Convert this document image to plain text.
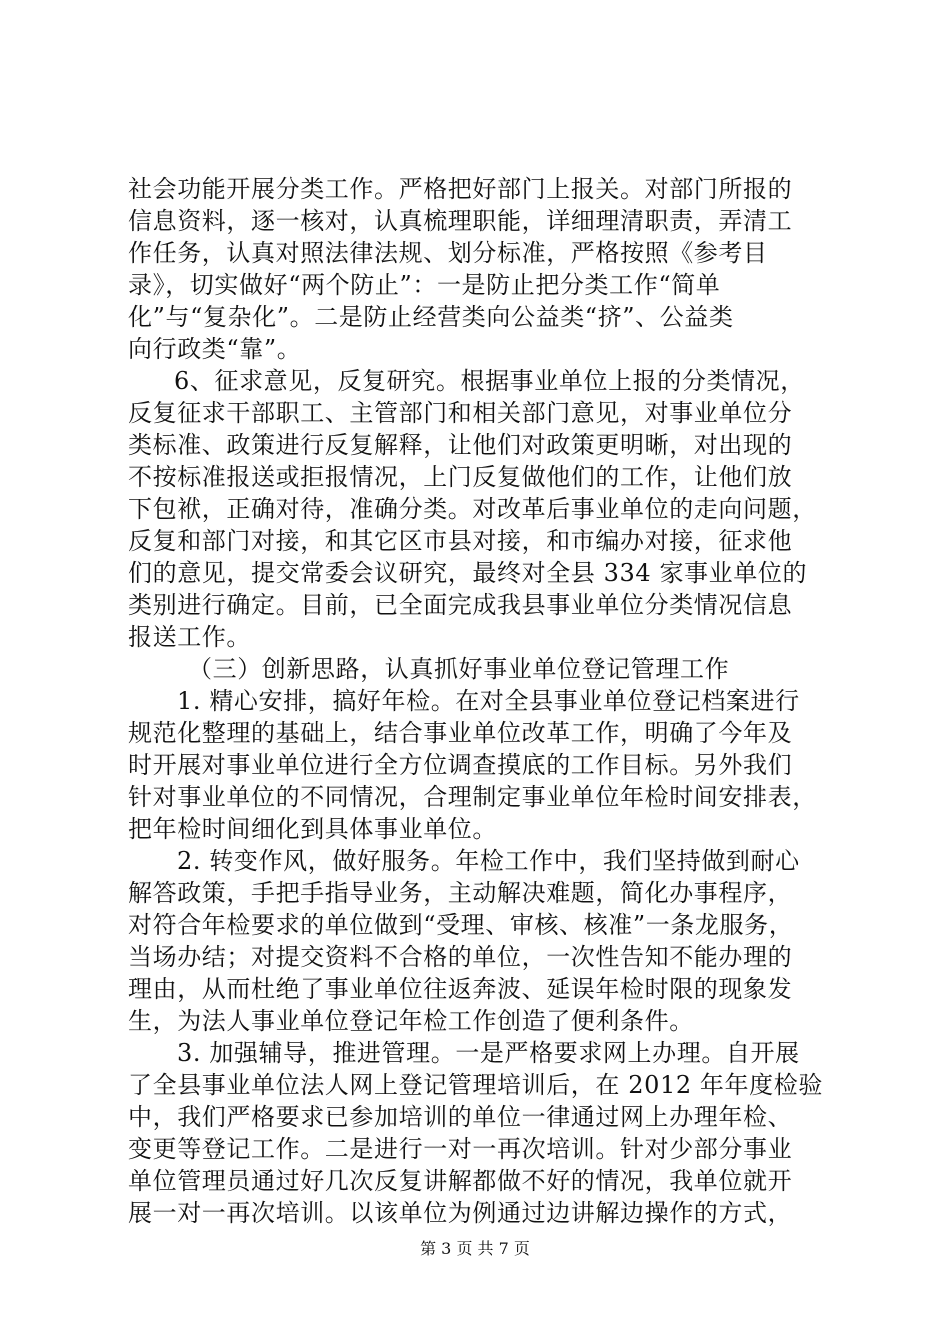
社会功能开展分类工作。严格把好部门上报关。对部门所报的
信息资料，逐一核对，认真梳理职能，详细理清职责，弄清工
作任务，认真对照法律法规、划分标准，严格按照《参考目
录》，切实做好“两个防止”：一是防止把分类工作“简单
化”与“复杂化”。二是防止经营类向公益类“挤”、公益类
向行政类“靠”。
6、征求意见，反复研究。根据事业单位上报的分类情况，
反复征求干部职工、主管部门和相关部门意见，对事业单位分
类标准、政策进行反复解释，让他们对政策更明晰，对出现的
不按标准报送或拒报情况，上门反复做他们的工作，让他们放
下包袱，正确对待，准确分类。对改革后事业单位的走向问题，
反复和部门对接，和其它区市县对接，和市编办对接，征求他
们的意见，提交常委会议研究，最终对全县 334 家事业单位的
类别进行确定。目前，已全面完成我县事业单位分类情况信息
报送工作。
（三）创新思路，认真抓好事业单位登记管理工作
1. 精心安排，搞好年检。在对全县事业单位登记档案进行
规范化整理的基础上，结合事业单位改革工作，明确了今年及
时开展对事业单位进行全方位调查摸底的工作目标。另外我们
针对事业单位的不同情况，合理制定事业单位年检时间安排表，
把年检时间细化到具体事业单位。
2. 转变作风，做好服务。年检工作中，我们坚持做到耐心
解答政策，手把手指导业务，主动解决难题，简化办事程序，
对符合年检要求的单位做到“受理、审核、核准”一条龙服务，
当场办结；对提交资料不合格的单位，一次性告知不能办理的
理由，从而杜绝了事业单位往返奔波、延误年检时限的现象发
生，为法人事业单位登记年检工作创造了便利条件。
3. 加强辅导，推进管理。一是严格要求网上办理。自开展
了全县事业单位法人网上登记管理培训后，在 2012 年年度检验
中，我们严格要求已参加培训的单位一律通过网上办理年检、
变更等登记工作。二是进行一对一再次培训。针对少部分事业
单位管理员通过好几次反复讲解都做不好的情况，我单位就开
展一对一再次培训。以该单位为例通过边讲解边操作的方式，
第 3 页 共 7 页
